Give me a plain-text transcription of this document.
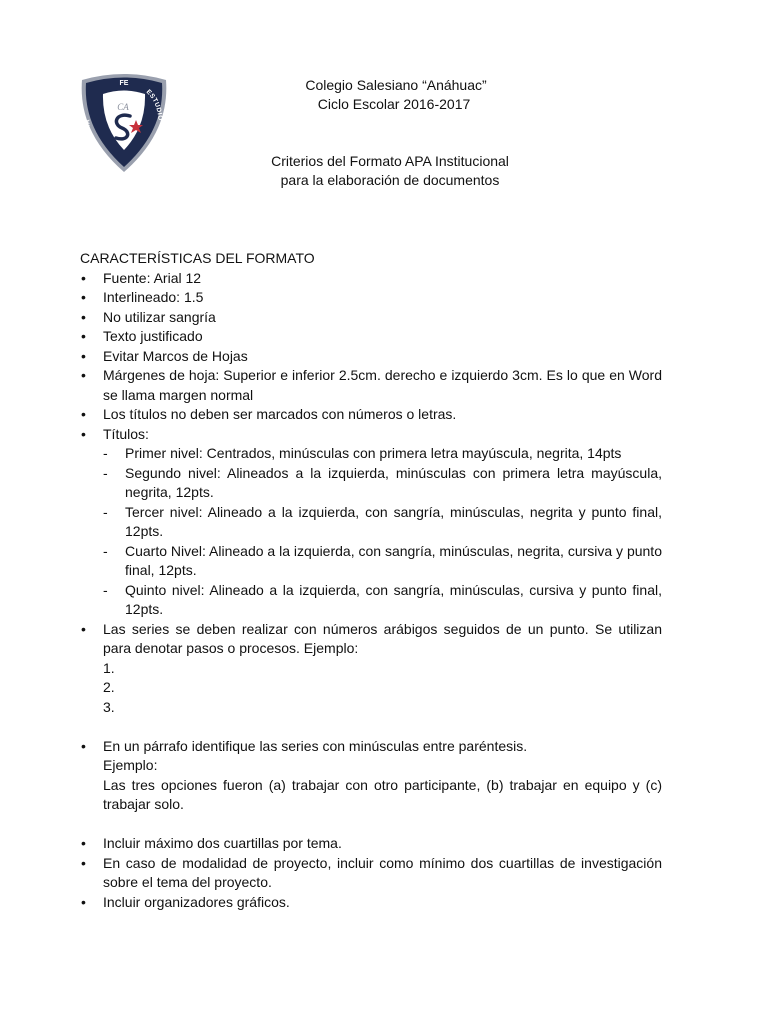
FE
ALEGRÍA
ESTUDIO
CA
Colegio Salesiano “Anáhuac”
Ciclo Escolar 2016-2017
Criterios del Formato APA Institucional
para la elaboración de documentos

CARACTERÍSTICAS DEL FORMATO

• Fuente: Arial 12
• Interlineado: 1.5
• No utilizar sangría
• Texto justificado
• Evitar Marcos de Hojas
• Márgenes de hoja: Superior e inferior 2.5cm. derecho e izquierdo 3cm. Es lo que en Word se llama margen normal
• Los títulos no deben ser marcados con números o letras.
• Títulos:
- Primer nivel: Centrados, minúsculas con primera letra mayúscula, negrita, 14pts
- Segundo nivel: Alineados a la izquierda, minúsculas con primera letra mayúscula, negrita, 12pts.
- Tercer nivel: Alineado a la izquierda, con sangría, minúsculas, negrita y punto final, 12pts.
- Cuarto Nivel: Alineado a la izquierda, con sangría, minúsculas, negrita, cursiva y punto final, 12pts.
- Quinto nivel: Alineado a la izquierda, con sangría, minúsculas, cursiva y punto final, 12pts.
• Las series se deben realizar con números arábigos seguidos de un punto. Se utilizan para denotar pasos o procesos. Ejemplo:
1.
2.
3.
• En un párrafo identifique las series con minúsculas entre paréntesis.
Ejemplo:
Las tres opciones fueron (a) trabajar con otro participante, (b) trabajar en equipo y (c) trabajar solo.
• Incluir máximo dos cuartillas por tema.
• En caso de modalidad de proyecto, incluir como mínimo dos cuartillas de investigación sobre el tema del proyecto.
• Incluir organizadores gráficos.
